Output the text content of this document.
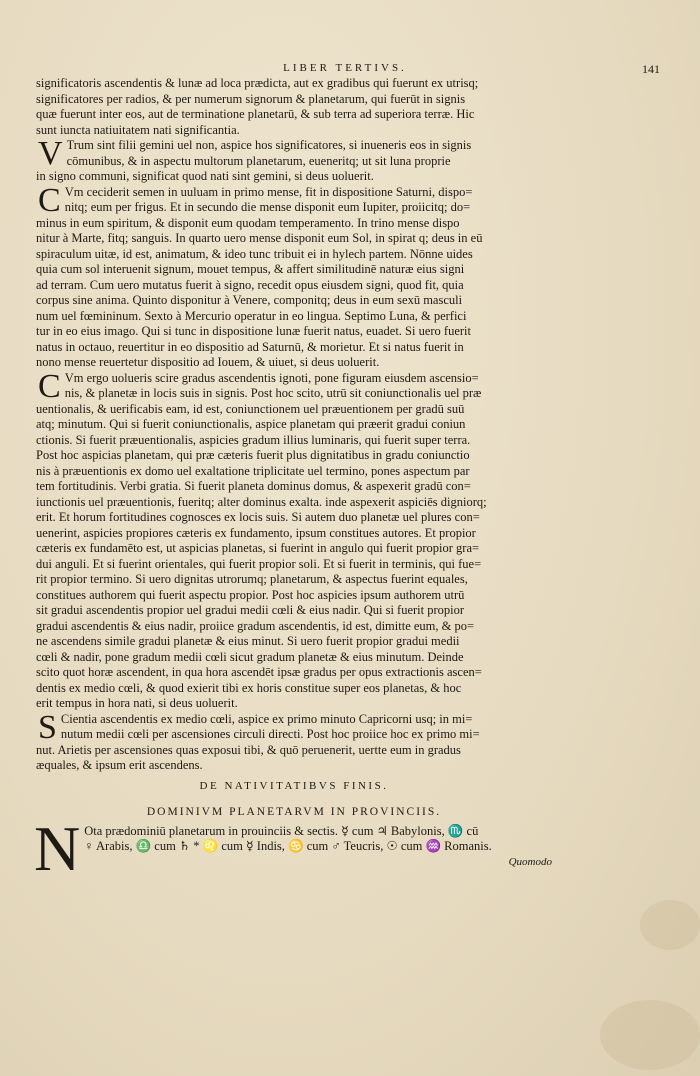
LIBER TERTIVS.	141
significatoris ascendentis & lunæ ad loca prædicta, aut ex gradibus qui fuerunt ex utrisq;
significatores per radios, & per numerum signorum & planetarum, qui fuerūt in signis
quæ fuerunt inter eos, aut de terminatione planetarū, & sub terra ad superiora terræ. Hic
sunt iuncta natiuitatem nati significantia.
V Trum sint filii gemini uel non, aspice hos significatores, si inueneris eos in signis
cōmunibus, & in aspectu multorum planetarum, eueneritq; ut sit luna proprie
in signo communi, significat quod nati sint gemini, si deus uoluerit.
C Vm ceciderit semen in uuluam in primo mense, fit in dispositione Saturni, dispo=
nitq; eum per frigus. Et in secundo die mense disponit eum Iupiter, proiicitq; do=
minus in eum spiritum, & disponit eum quodam temperamento. In trino mense dispo
nitur à Marte, fitq; sanguis. In quarto uero mense disponit eum Sol, in spirat q; deus in eū
spiraculum uitæ, id est, animatum, & ideo tunc tribuit ei in hylech partem. Nōnne uides
quia cum sol interuenit signum, mouet tempus, & affert similitudinē naturæ eius signi
ad terram. Cum uero mutatus fuerit à signo, recedit opus eiusdem signi, quod fit, quia
corpus sine anima. Quinto disponitur à Venere, componitq; deus in eum sexū masculi
num uel fœmininum. Sexto à Mercurio operatur in eo lingua. Septimo Luna, & perfici
tur in eo eius imago. Qui si tunc in dispositione lunæ fuerit natus, euadet. Si uero fuerit
natus in octauo, reuertitur in eo dispositio ad Saturnū, & morietur. Et si natus fuerit in
nono mense reuertetur dispositio ad Iouem, & uiuet, si deus uoluerit.
C Vm ergo uolueris scire gradus ascendentis ignoti, pone figuram eiusdem ascensio=
nis, & planetæ in locis suis in signis. Post hoc scito, utrū sit coniunctionalis uel præ
uentionalis, & uerificabis eam, id est, coniunctionem uel præuentionem per gradū suū
atq; minutum. Qui si fuerit coniunctionalis, aspice planetam qui præerit gradui coniun
ctionis. Si fuerit præuentionalis, aspicies gradum illius luminaris, qui fuerit super terra.
Post hoc aspicias planetam, qui præ cæteris fuerit plus dignitatibus in gradu coniunctio
nis à præuentionis ex domo uel exaltatione triplicitate uel termino, pones aspectum par
tem fortitudinis. Verbi gratia. Si fuerit planeta dominus domus, & aspexerit gradū con=
iunctionis uel præuentionis, fueritq; alter dominus exalta. inde aspexerit aspiciēs digniorq;
erit. Et horum fortitudines cognosces ex locis suis. Si autem duo planetæ uel plures con=
uenerint, aspicies propiores cæteris ex fundamento, ipsum constitues autores. Et propior
cæteris ex fundamēto est, ut aspicias planetas, si fuerint in angulo qui fuerit propior gra=
dui anguli. Et si fuerint orientales, qui fuerit propior soli. Et si fuerit in terminis, qui fue=
rit propior termino. Si uero dignitas utrorumq; planetarum, & aspectus fuerint equales,
constitues authorem qui fuerit aspectu propior. Post hoc aspicies ipsum authorem utrū
sit gradui ascendentis propior uel gradui medii cœli & eius nadir. Qui si fuerit propior
gradui ascendentis & eius nadir, proiice gradum ascendentis, id est, dimitte eum, & po=
ne ascendens simile gradui planetæ & eius minut. Si uero fuerit propior gradui medii
cœli & nadir, pone gradum medii cœli sicut gradum planetæ & eius minutum. Deinde
scito quot horæ ascendent, in qua hora ascendēt ipsæ gradus per opus extractionis ascen=
dentis ex medio cœli, & quod exierit tibi ex horis constitue super eos planetas, & hoc
erit tempus in hora nati, si deus uoluerit.
S Cientia ascendentis ex medio cœli, aspice ex primo minuto Capricorni usq; in mi=
nutum medii cœli per ascensiones circuli directi. Post hoc proiice hoc ex primo mi=
nut. Arietis per ascensiones quas exposui tibi, & quō peruenerit, uertte eum in gradus
æquales, & ipsum erit ascendens.
DE NATIVITATIBVS FINIS.
DOMINIVM PLANETARVM IN PROVINCIIS.
N Ota prædominiū planetarum in prouinciis & sectis. ☿ cum ♃ Babylonis, ♏ cū
♀ Arabis, ♎ cum ♄ * ♌ cum ☿ Indis, ♋ cum ♂ Teucris, ☉ cum ♒ Romanis.
Quomodo
